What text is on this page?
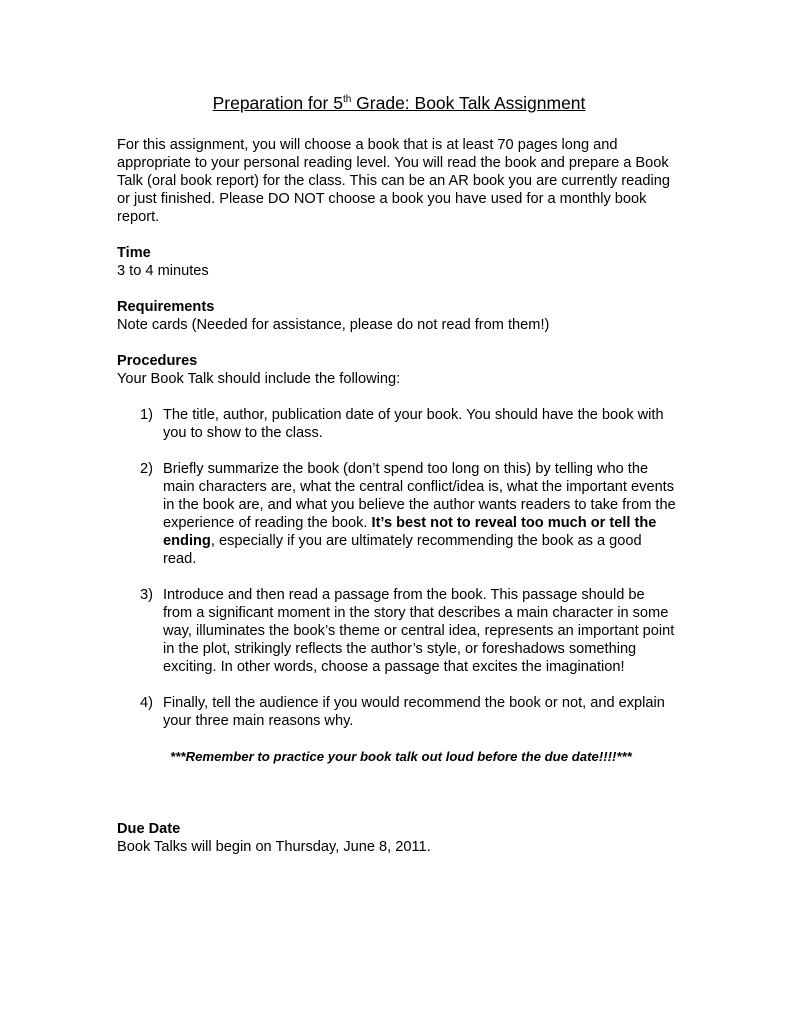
Preparation for 5th Grade: Book Talk Assignment

For this assignment, you will choose a book that is at least 70 pages long and appropriate to your personal reading level. You will read the book and prepare a Book Talk (oral book report) for the class. This can be an AR book you are currently reading or just finished. Please DO NOT choose a book you have used for a monthly book report.

Time

3 to 4 minutes

Requirements

Note cards (Needed for assistance, please do not read from them!)

Procedures

Your Book Talk should include the following:

1) The title, author, publication date of your book. You should have the book with you to show to the class.
2) Briefly summarize the book (don’t spend too long on this) by telling who the main characters are, what the central conflict/idea is, what the important events in the book are, and what you believe the author wants readers to take from the experience of reading the book. It’s best not to reveal too much or tell the ending, especially if you are ultimately recommending the book as a good read.
3) Introduce and then read a passage from the book. This passage should be from a significant moment in the story that describes a main character in some way, illuminates the book’s theme or central idea, represents an important point in the plot, strikingly reflects the author’s style, or foreshadows something exciting. In other words, choose a passage that excites the imagination!
4) Finally, tell the audience if you would recommend the book or not, and explain your three main reasons why.

***Remember to practice your book talk out loud before the due date!!!!***

Due Date

Book Talks will begin on Thursday, June 8, 2011.
